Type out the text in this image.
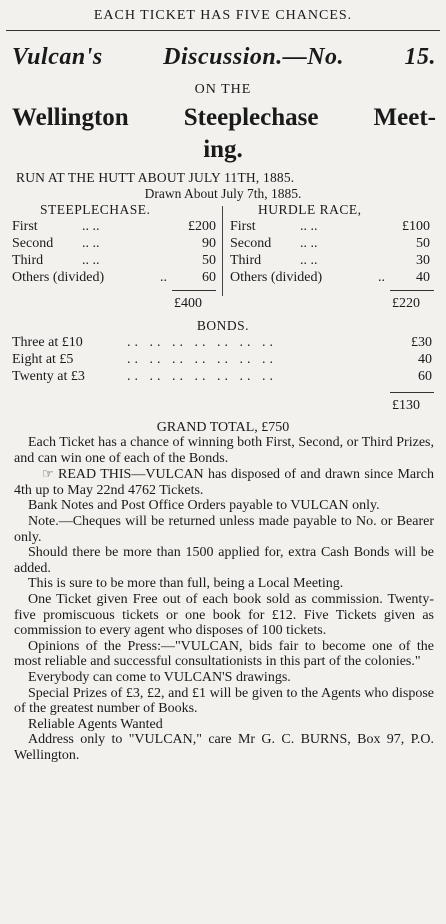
EACH TICKET HAS FIVE CHANCES.
Vulcan's Discussion.—No. 15.
ON THE
Wellington Steeplechase Meet-
ing.
RUN AT THE HUTT ABOUT JULY 11TH, 1885.
Drawn About July 7th, 1885.
STEEPLECHASE.
First	.. ..	£200
Second .. ..	90
Third	.. ..	50
Others (divided)	..	60
£400
HURDLE RACE,
First	.. ..	£100
Second .. ..	50
Third	.. ..	30
Others (divided)	.. 40
£220
BONDS.
Three at £10	.. .. .. .. .. .. ..	£30
Eight at £5	.. .. .. .. .. .. ..	40
Twenty at £3	.. .. .. .. .. .. ..	60
£130
GRAND TOTAL, £750

Each Ticket has a chance of winning both First, Second, or Third Prizes, and can win one of each of the Bonds.

☞ READ THIS—VULCAN has disposed of and drawn since March 4th up to May 22nd 4762 Tickets.

Bank Notes and Post Office Orders payable to VULCAN only.

Note.—Cheques will be returned unless made payable to No. or Bearer only.

Should there be more than 1500 applied for, extra Cash Bonds will be added.

This is sure to be more than full, being a Local Meeting.

One Ticket given Free out of each book sold as commission. Twenty-five promiscuous tickets or one book for £12. Five Tickets given as commission to every agent who disposes of 100 tickets.

Opinions of the Press:—"VULCAN, bids fair to become one of the most reliable and successful consultationists in this part of the colonies."

Everybody can come to VULCAN'S drawings.

Special Prizes of £3, £2, and £1 will be given to the Agents who dispose of the greatest number of Books.

Reliable Agents Wanted

Address only to "VULCAN," care Mr G. C. BURNS, Box 97, P.O. Wellington.
